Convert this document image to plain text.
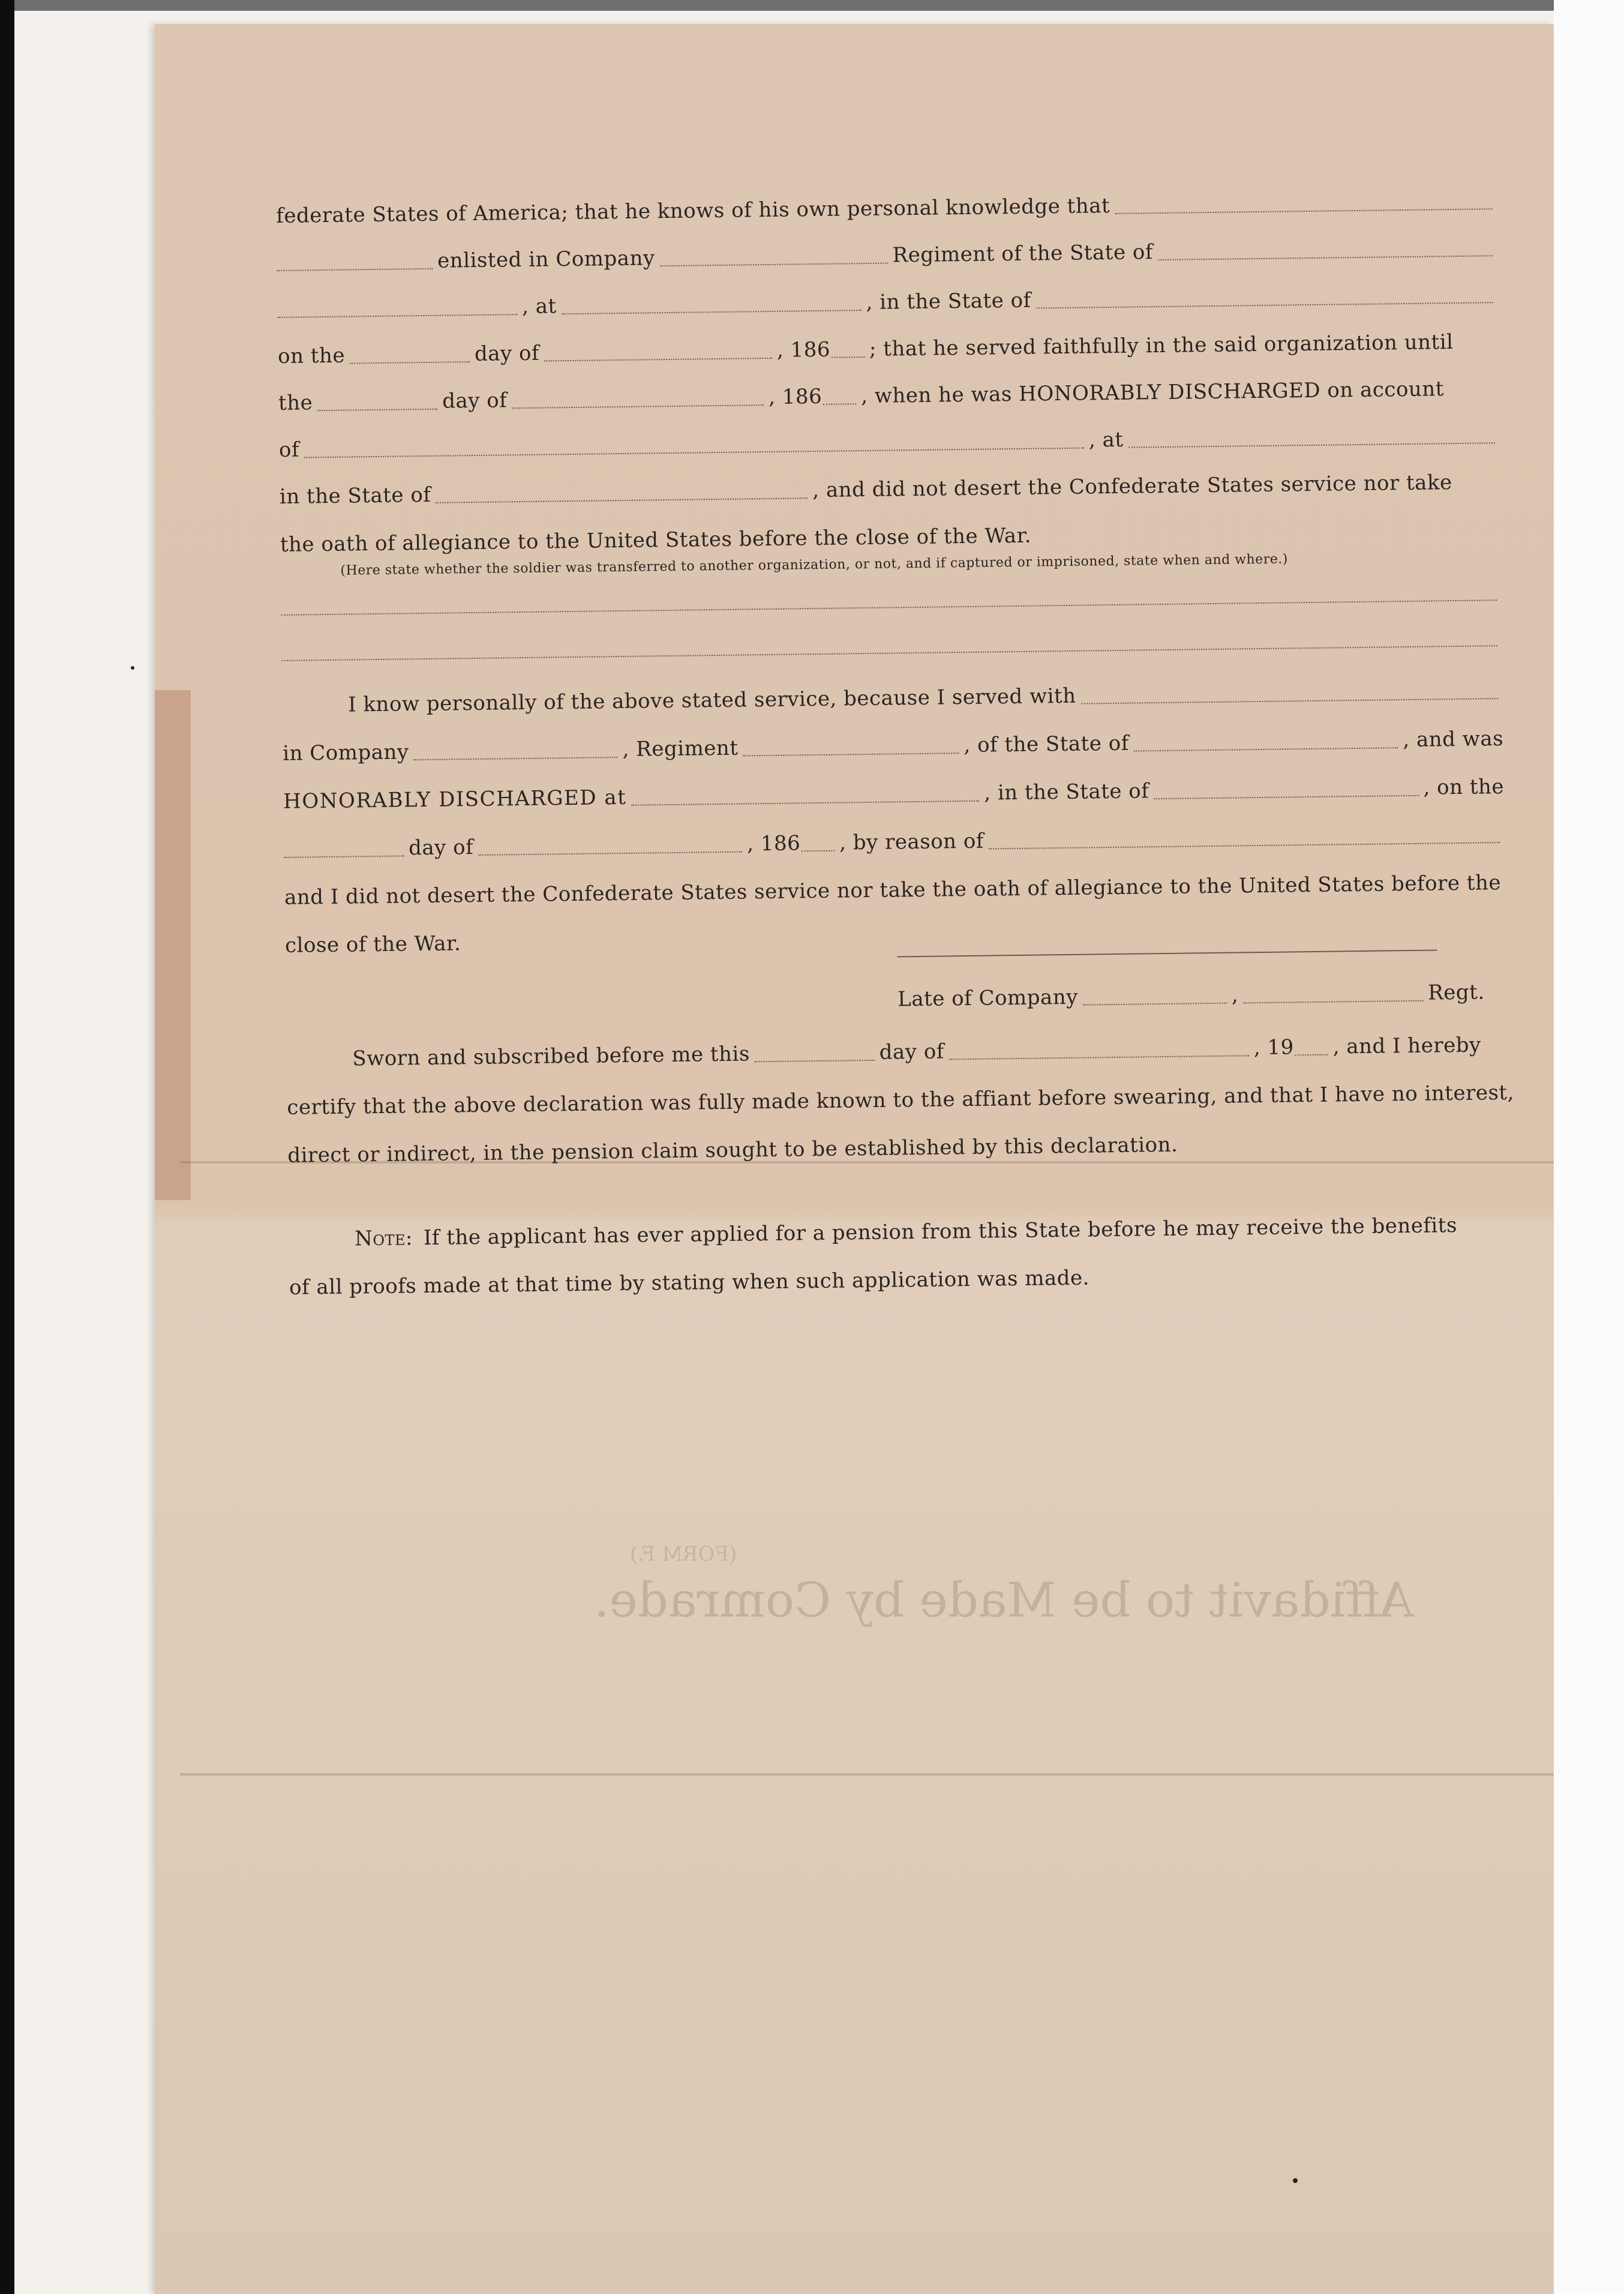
(FORM F.)
Affidavit to be Made by Comrade.
federate States of America; that he knows of his own personal knowledge that
enlisted in Company	Regiment of the State of
, at	, in the State of
on the	day of	, 186 ; that he served faithfully in the said organization until
the	day of	, 186 , when he was HONORABLY DISCHARGED on account
of	, at
in the State of	, and did not desert the Confederate States service nor take
the oath of allegiance to the United States before the close of the War.
(Here state whether the soldier was transferred to another organization, or not, and if captured or imprisoned, state when and where.)
I know personally of the above stated service, because I served with
in Company	, Regiment	, of the State of	, and was
HONORABLY DISCHARGED at	, in the State of	, on the
day of	, 186 , by reason of
and I did not desert the Confederate States service nor take the oath of allegiance to the United States before the
close of the War.
Late of Company	,	Regt.
Sworn and subscribed before me this	day of	, 19 , and I hereby
certify that the above declaration was fully made known to the affiant before swearing, and that I have no interest,
direct or indirect, in the pension claim sought to be established by this declaration.
Note: If the applicant has ever applied for a pension from this State before he may receive the benefits
of all proofs made at that time by stating when such application was made.
